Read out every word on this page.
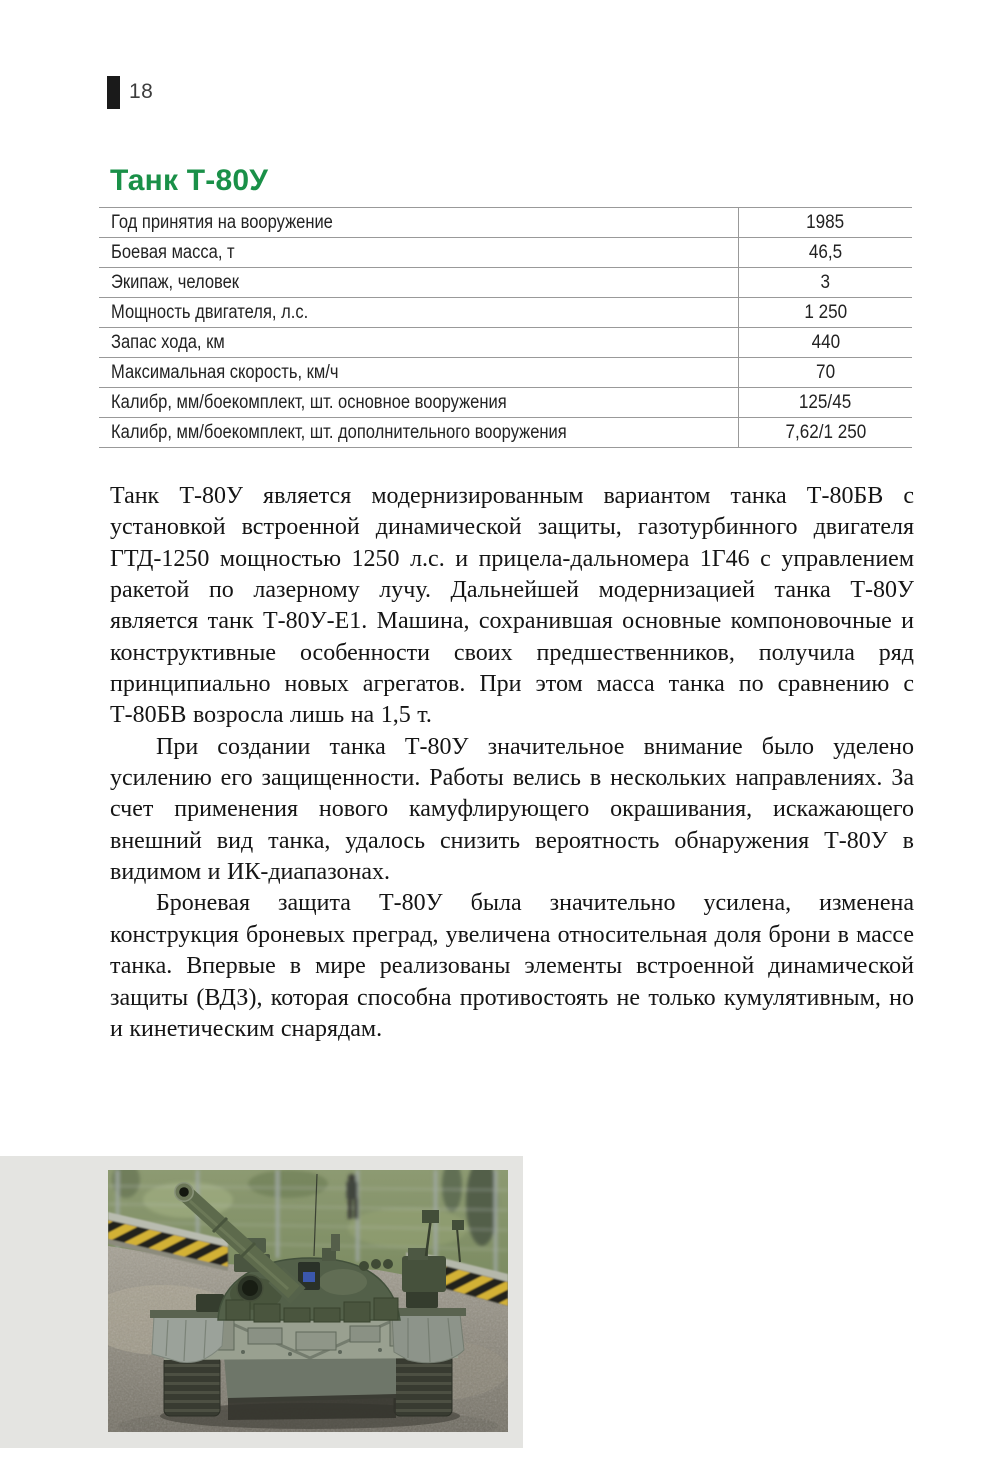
18
Танк Т-80У
Год принятия на вооружение	1985
Боевая масса, т	46,5
Экипаж, человек	3
Мощность двигателя, л.с.	1 250
Запас хода, км	440
Максимальная скорость, км/ч	70
Калибр, мм/боекомплект, шт. основное вооружения	125/45
Калибр, мм/боекомплект, шт. дополнительного вооружения	7,62/1 250

Танк Т-80У является модернизированным вариантом танка Т-80БВ с установкой встроенной динамической защиты, газотурбинного двигателя ГТД-1250 мощностью 1250 л.с. и прицела-дальномера 1Г46 с управлением ракетой по лазерному лучу. Дальнейшей модернизацией танка Т-80У является танк Т-80У-Е1. Машина, сохранившая основные компоновочные и конструктивные особенности своих предшественников, получила ряд принципиально новых агрегатов. При этом масса танка по сравнению с Т-80БВ возросла лишь на 1,5 т.

При создании танка Т-80У значительное внимание было уделено усилению его защищенности. Работы велись в нескольких направлениях. За счет применения нового камуфлирующего окрашивания, искажающего внешний вид танка, удалось снизить вероятность обнаружения Т-80У в видимом и ИК-диапазонах.

Броневая защита Т-80У была значительно усилена, изменена конструкция броневых преград, увеличена относительная доля брони в массе танка. Впервые в мире реализованы элементы встроенной динамической защиты (ВДЗ), которая способна противостоять не только кумулятивным, но и кинетическим снарядам.
